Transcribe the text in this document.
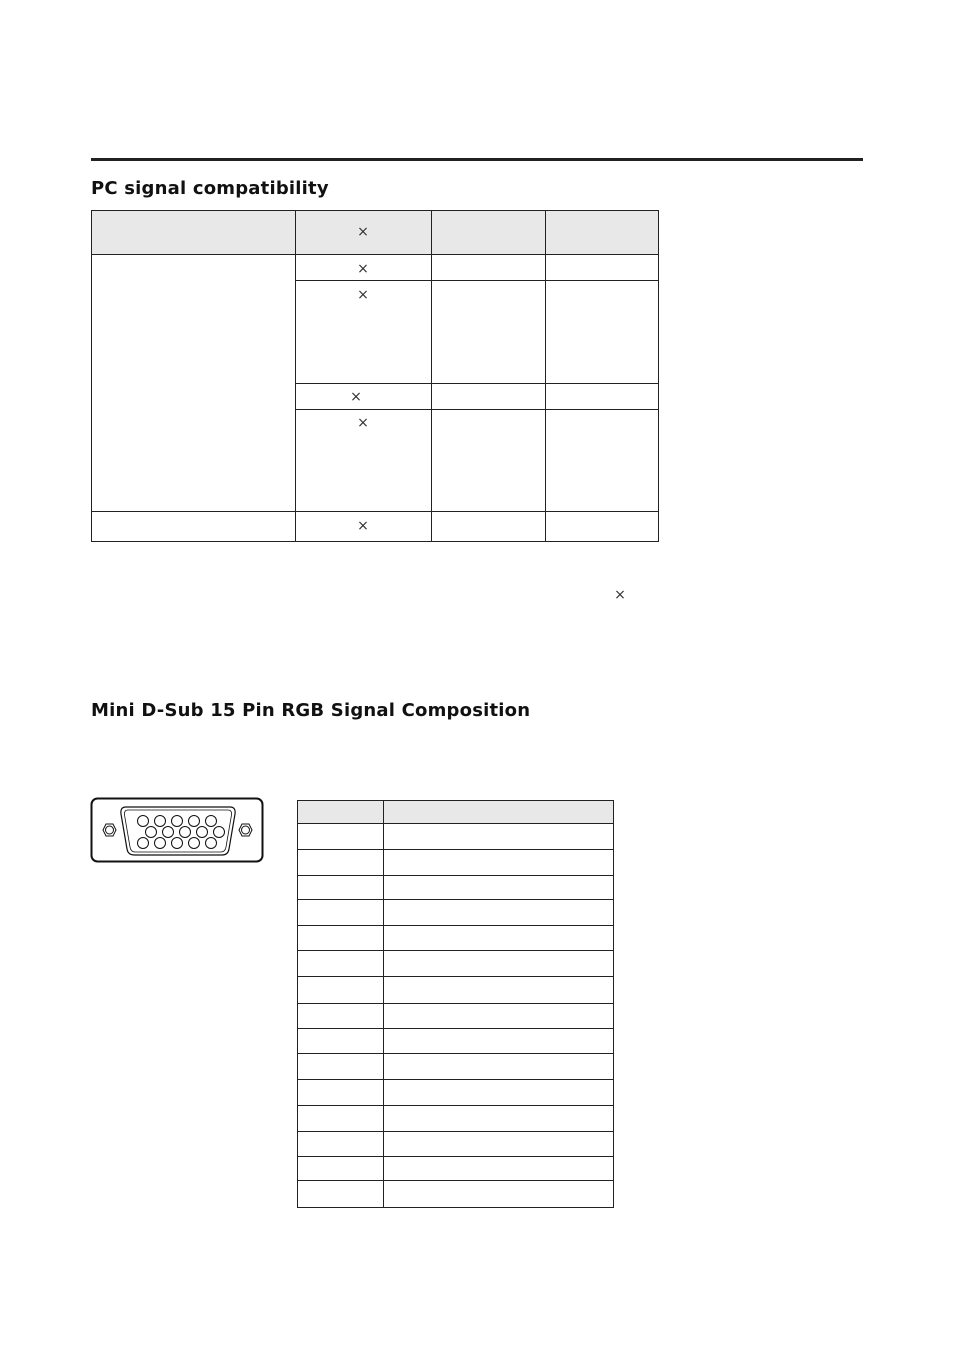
PC signal compatibility
Mini D-Sub 15 Pin RGB Signal Composition
×
×
×
×
×
×
×
